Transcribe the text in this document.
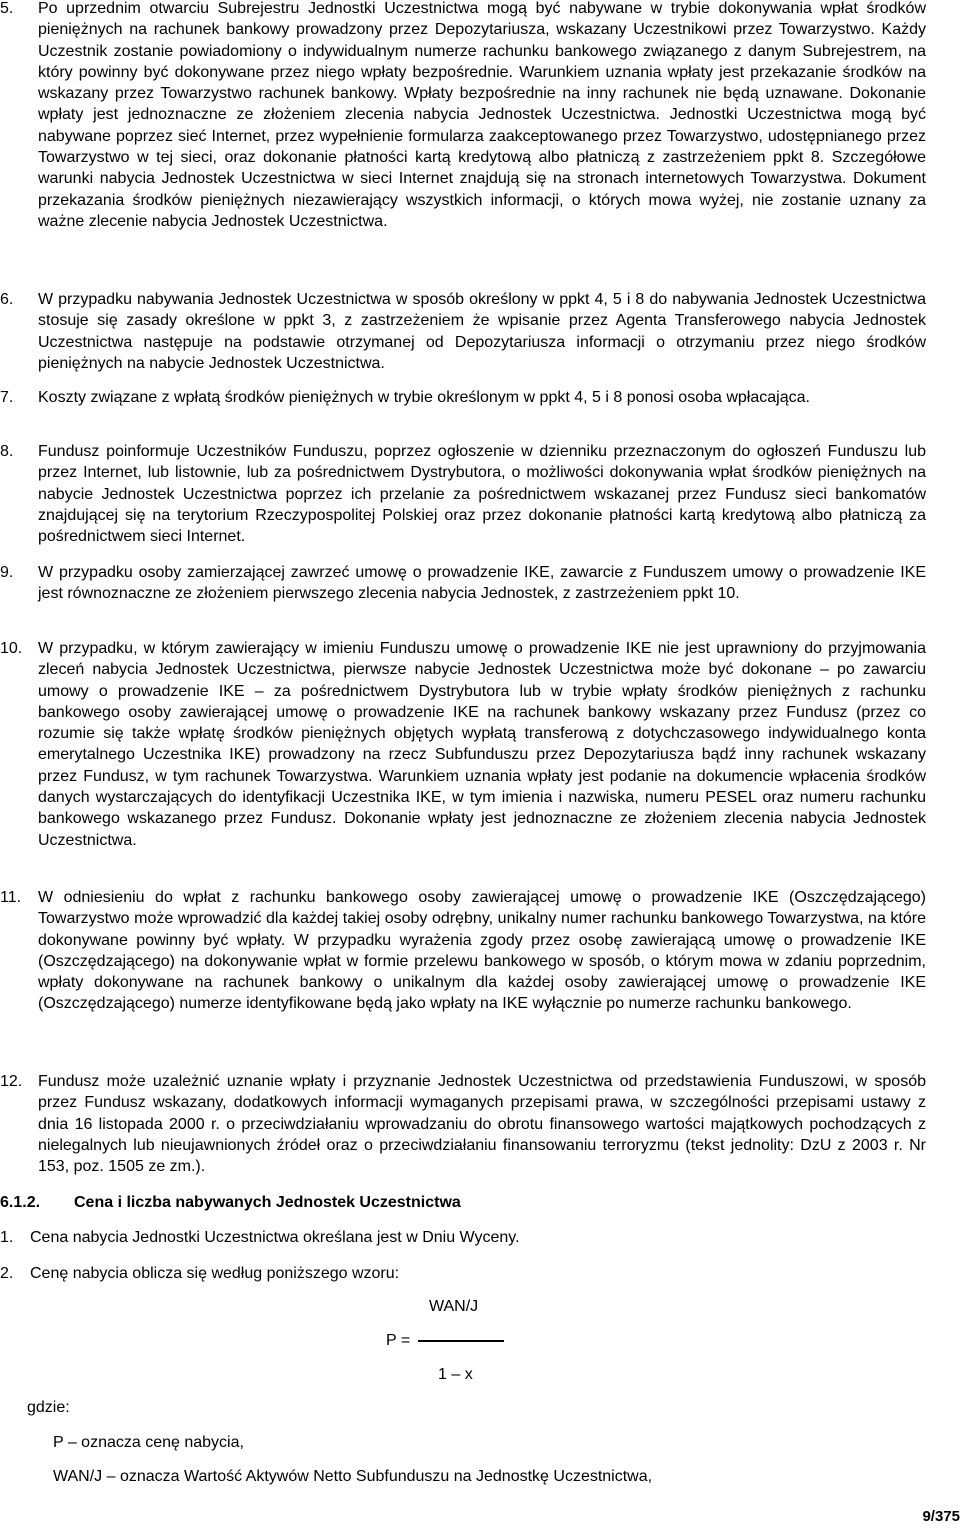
5. Po uprzednim otwarciu Subrejestru Jednostki Uczestnictwa mogą być nabywane w trybie dokonywania wpłat środków pieniężnych na rachunek bankowy prowadzony przez Depozytariusza, wskazany Uczestnikowi przez Towarzystwo. Każdy Uczestnik zostanie powiadomiony o indywidualnym numerze rachunku bankowego związanego z danym Subrejestrem, na który powinny być dokonywane przez niego wpłaty bezpośrednie. Warunkiem uznania wpłaty jest przekazanie środków na wskazany przez Towarzystwo rachunek bankowy. Wpłaty bezpośrednie na inny rachunek nie będą uznawane. Dokonanie wpłaty jest jednoznaczne ze złożeniem zlecenia nabycia Jednostek Uczestnictwa. Jednostki Uczestnictwa mogą być nabywane poprzez sieć Internet, przez wypełnienie formularza zaakceptowanego przez Towarzystwo, udostępnianego przez Towarzystwo w tej sieci, oraz dokonanie płatności kartą kredytową albo płatniczą z zastrzeżeniem ppkt 8. Szczegółowe warunki nabycia Jednostek Uczestnictwa w sieci Internet znajdują się na stronach internetowych Towarzystwa. Dokument przekazania środków pieniężnych niezawierający wszystkich informacji, o których mowa wyżej, nie zostanie uznany za ważne zlecenie nabycia Jednostek Uczestnictwa.
6. W przypadku nabywania Jednostek Uczestnictwa w sposób określony w ppkt 4, 5 i 8 do nabywania Jednostek Uczestnictwa stosuje się zasady określone w ppkt 3, z zastrzeżeniem że wpisanie przez Agenta Transferowego nabycia Jednostek Uczestnictwa następuje na podstawie otrzymanej od Depozytariusza informacji o otrzymaniu przez niego środków pieniężnych na nabycie Jednostek Uczestnictwa.
7. Koszty związane z wpłatą środków pieniężnych w trybie określonym w ppkt 4, 5 i 8 ponosi osoba wpłacająca.
8. Fundusz poinformuje Uczestników Funduszu, poprzez ogłoszenie w dzienniku przeznaczonym do ogłoszeń Funduszu lub przez Internet, lub listownie, lub za pośrednictwem Dystrybutora, o możliwości dokonywania wpłat środków pieniężnych na nabycie Jednostek Uczestnictwa poprzez ich przelanie za pośrednictwem wskazanej przez Fundusz sieci bankomatów znajdującej się na terytorium Rzeczypospolitej Polskiej oraz przez dokonanie płatności kartą kredytową albo płatniczą za pośrednictwem sieci Internet.
9. W przypadku osoby zamierzającej zawrzeć umowę o prowadzenie IKE, zawarcie z Funduszem umowy o prowadzenie IKE jest równoznaczne ze złożeniem pierwszego zlecenia nabycia Jednostek, z zastrzeżeniem ppkt 10.
10. W przypadku, w którym zawierający w imieniu Funduszu umowę o prowadzenie IKE nie jest uprawniony do przyjmowania zleceń nabycia Jednostek Uczestnictwa, pierwsze nabycie Jednostek Uczestnictwa może być dokonane – po zawarciu umowy o prowadzenie IKE – za pośrednictwem Dystrybutora lub w trybie wpłaty środków pieniężnych z rachunku bankowego osoby zawierającej umowę o prowadzenie IKE na rachunek bankowy wskazany przez Fundusz (przez co rozumie się także wpłatę środków pieniężnych objętych wypłatą transferową z dotychczasowego indywidualnego konta emerytalnego Uczestnika IKE) prowadzony na rzecz Subfunduszu przez Depozytariusza bądź inny rachunek wskazany przez Fundusz, w tym rachunek Towarzystwa. Warunkiem uznania wpłaty jest podanie na dokumencie wpłacenia środków danych wystarczających do identyfikacji Uczestnika IKE, w tym imienia i nazwiska, numeru PESEL oraz numeru rachunku bankowego wskazanego przez Fundusz. Dokonanie wpłaty jest jednoznaczne ze złożeniem zlecenia nabycia Jednostek Uczestnictwa.
11. W odniesieniu do wpłat z rachunku bankowego osoby zawierającej umowę o prowadzenie IKE (Oszczędzającego) Towarzystwo może wprowadzić dla każdej takiej osoby odrębny, unikalny numer rachunku bankowego Towarzystwa, na które dokonywane powinny być wpłaty. W przypadku wyrażenia zgody przez osobę zawierającą umowę o prowadzenie IKE (Oszczędzającego) na dokonywanie wpłat w formie przelewu bankowego w sposób, o którym mowa w zdaniu poprzednim, wpłaty dokonywane na rachunek bankowy o unikalnym dla każdej osoby zawierającej umowę o prowadzenie IKE (Oszczędzającego) numerze identyfikowane będą jako wpłaty na IKE wyłącznie po numerze rachunku bankowego.
12. Fundusz może uzależnić uznanie wpłaty i przyznanie Jednostek Uczestnictwa od przedstawienia Funduszowi, w sposób przez Fundusz wskazany, dodatkowych informacji wymaganych przepisami prawa, w szczególności przepisami ustawy z dnia 16 listopada 2000 r. o przeciwdziałaniu wprowadzaniu do obrotu finansowego wartości majątkowych pochodzących z nielegalnych lub nieujawnionych źródeł oraz o przeciwdziałaniu finansowaniu terroryzmu (tekst jednolity: DzU z 2003 r. Nr 153, poz. 1505 ze zm.).
6.1.2. Cena i liczba nabywanych Jednostek Uczestnictwa
1. Cena nabycia Jednostki Uczestnictwa określana jest w Dniu Wyceny.
2. Cenę nabycia oblicza się według poniższego wzoru:
WAN/J
P =
1 – x
gdzie:
P – oznacza cenę nabycia,
WAN/J – oznacza Wartość Aktywów Netto Subfunduszu na Jednostkę Uczestnictwa,
9/375
